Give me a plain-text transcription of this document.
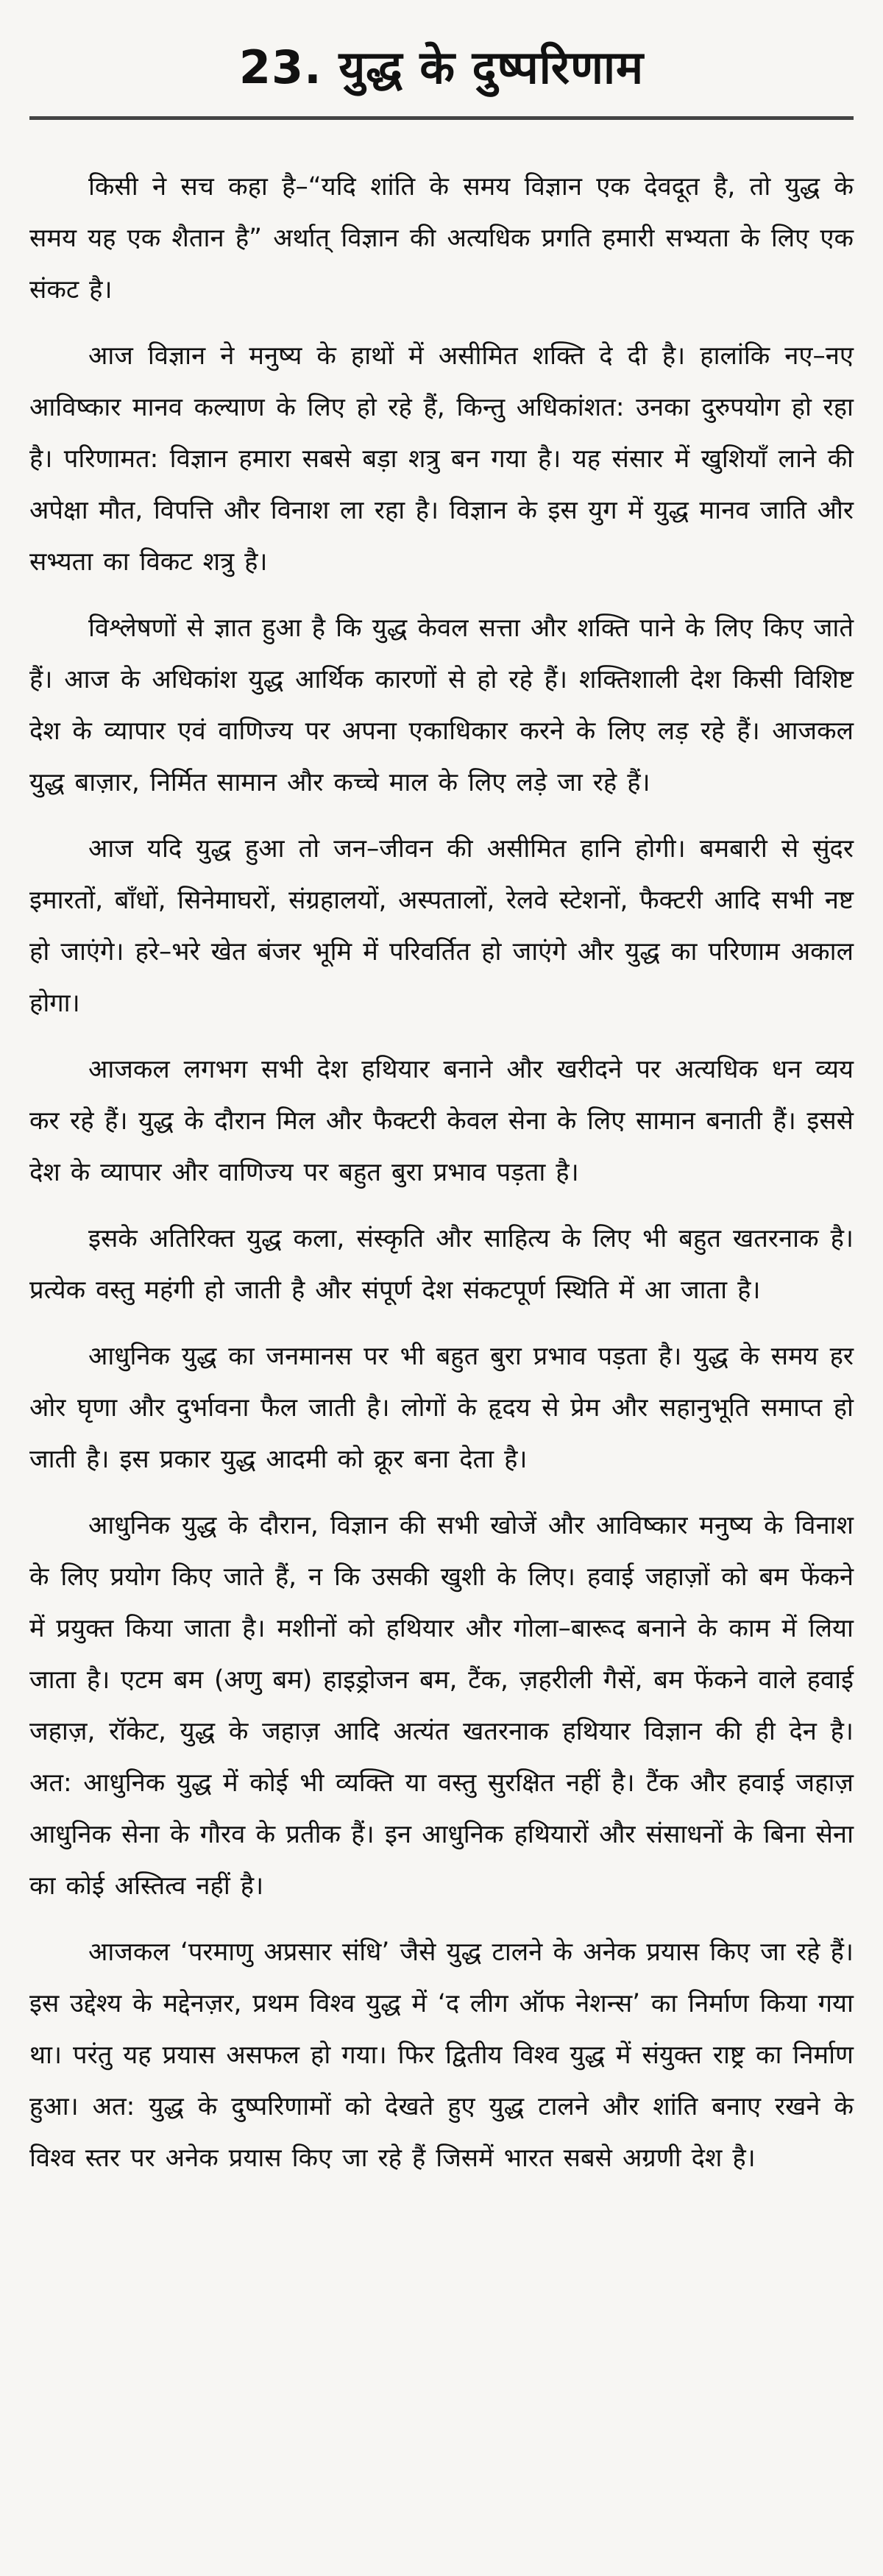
23. युद्ध के दुष्परिणाम

किसी ने सच कहा है–“यदि शांति के समय विज्ञान एक देवदूत है, तो युद्ध के समय यह एक शैतान है” अर्थात् विज्ञान की अत्यधिक प्रगति हमारी सभ्यता के लिए एक संकट है।

आज विज्ञान ने मनुष्य के हाथों में असीमित शक्ति दे दी है। हालांकि नए–नए आविष्कार मानव कल्याण के लिए हो रहे हैं, किन्तु अधिकांशत: उनका दुरुपयोग हो रहा है। परिणामत: विज्ञान हमारा सबसे बड़ा शत्रु बन गया है। यह संसार में खुशियाँ लाने की अपेक्षा मौत, विपत्ति और विनाश ला रहा है। विज्ञान के इस युग में युद्ध मानव जाति और सभ्यता का विकट शत्रु है।

विश्लेषणों से ज्ञात हुआ है कि युद्ध केवल सत्ता और शक्ति पाने के लिए किए जाते हैं। आज के अधिकांश युद्ध आर्थिक कारणों से हो रहे हैं। शक्तिशाली देश किसी विशिष्ट देश के व्यापार एवं वाणिज्य पर अपना एकाधिकार करने के लिए लड़ रहे हैं। आजकल युद्ध बाज़ार, निर्मित सामान और कच्चे माल के लिए लड़े जा रहे हैं।

आज यदि युद्ध हुआ तो जन–जीवन की असीमित हानि होगी। बमबारी से सुंदर इमारतों, बाँधों, सिनेमाघरों, संग्रहालयों, अस्पतालों, रेलवे स्टेशनों, फैक्टरी आदि सभी नष्ट हो जाएंगे। हरे–भरे खेत बंजर भूमि में परिवर्तित हो जाएंगे और युद्ध का परिणाम अकाल होगा।

आजकल लगभग सभी देश हथियार बनाने और खरीदने पर अत्यधिक धन व्यय कर रहे हैं। युद्ध के दौरान मिल और फैक्टरी केवल सेना के लिए सामान बनाती हैं। इससे देश के व्यापार और वाणिज्य पर बहुत बुरा प्रभाव पड़ता है।

इसके अतिरिक्त युद्ध कला, संस्कृति और साहित्य के लिए भी बहुत खतरनाक है। प्रत्येक वस्तु महंगी हो जाती है और संपूर्ण देश संकटपूर्ण स्थिति में आ जाता है।

आधुनिक युद्ध का जनमानस पर भी बहुत बुरा प्रभाव पड़ता है। युद्ध के समय हर ओर घृणा और दुर्भावना फैल जाती है। लोगों के हृदय से प्रेम और सहानुभूति समाप्त हो जाती है। इस प्रकार युद्ध आदमी को क्रूर बना देता है।

आधुनिक युद्ध के दौरान, विज्ञान की सभी खोजें और आविष्कार मनुष्य के विनाश के लिए प्रयोग किए जाते हैं, न कि उसकी खुशी के लिए। हवाई जहाज़ों को बम फेंकने में प्रयुक्त किया जाता है। मशीनों को हथियार और गोला–बारूद बनाने के काम में लिया जाता है। एटम बम (अणु बम) हाइड्रोजन बम, टैंक, ज़हरीली गैसें, बम फेंकने वाले हवाई जहाज़, रॉकेट, युद्ध के जहाज़ आदि अत्यंत खतरनाक हथियार विज्ञान की ही देन है। अत: आधुनिक युद्ध में कोई भी व्यक्ति या वस्तु सुरक्षित नहीं है। टैंक और हवाई जहाज़ आधुनिक सेना के गौरव के प्रतीक हैं। इन आधुनिक हथियारों और संसाधनों के बिना सेना का कोई अस्तित्व नहीं है।

आजकल ‘परमाणु अप्रसार संधि’ जैसे युद्ध टालने के अनेक प्रयास किए जा रहे हैं। इस उद्देश्य के मद्देनज़र, प्रथम विश्व युद्ध में ‘द लीग ऑफ नेशन्स’ का निर्माण किया गया था। परंतु यह प्रयास असफल हो गया। फिर द्वितीय विश्व युद्ध में संयुक्त राष्ट्र का निर्माण हुआ। अत: युद्ध के दुष्परिणामों को देखते हुए युद्ध टालने और शांति बनाए रखने के विश्व स्तर पर अनेक प्रयास किए जा रहे हैं जिसमें भारत सबसे अग्रणी देश है।
